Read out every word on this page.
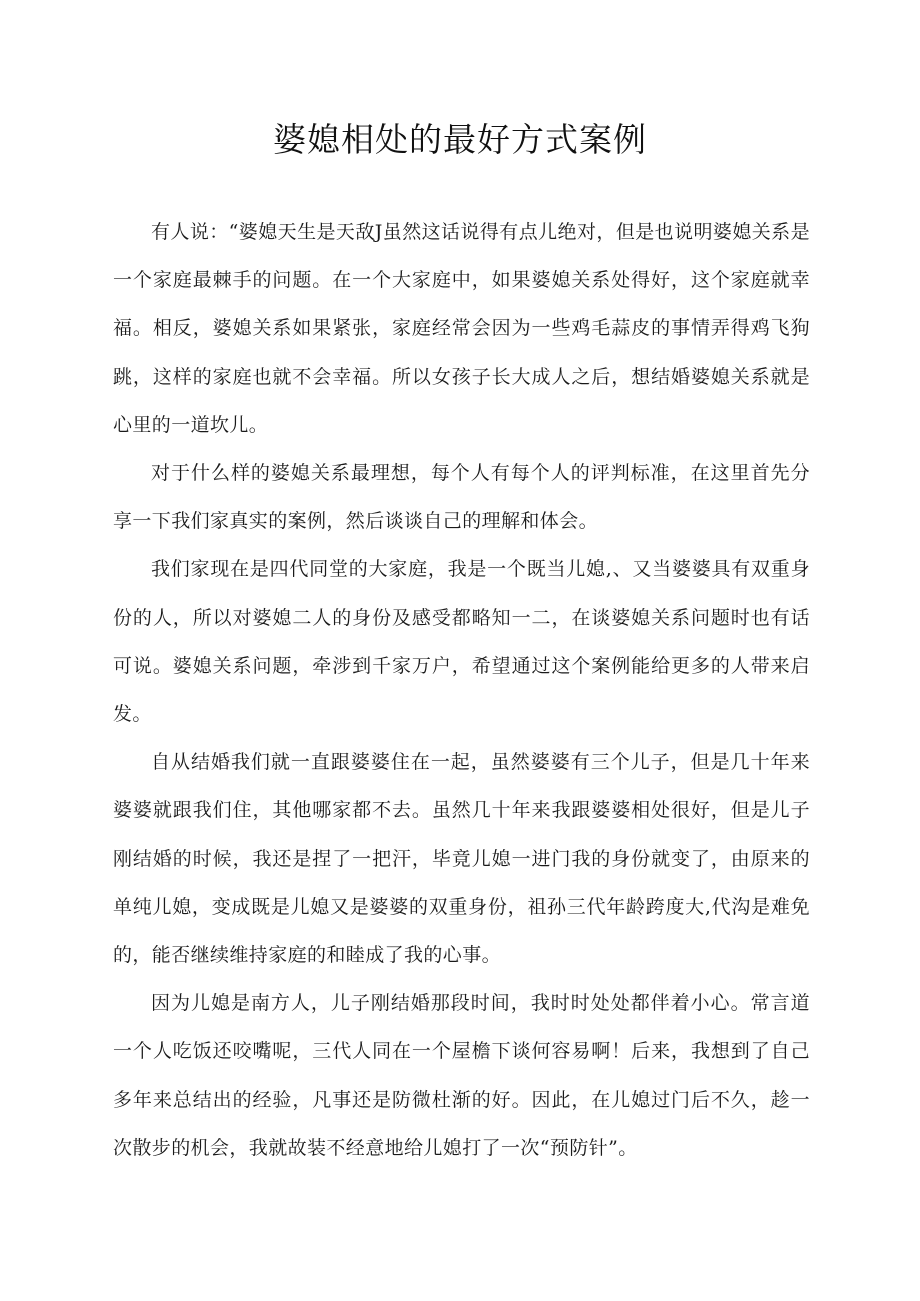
婆媳相处的最好方式案例

有人说：“婆媳天生是天敌J虽然这话说得有点儿绝对，但是也说明婆媳关系是一个家庭最棘手的问题。在一个大家庭中，如果婆媳关系处得好，这个家庭就幸福。相反，婆媳关系如果紧张，家庭经常会因为一些鸡毛蒜皮的事情弄得鸡飞狗跳，这样的家庭也就不会幸福。所以女孩子长大成人之后，想结婚婆媳关系就是心里的一道坎儿。

对于什么样的婆媳关系最理想，每个人有每个人的评判标准，在这里首先分享一下我们家真实的案例，然后谈谈自己的理解和体会。

我们家现在是四代同堂的大家庭，我是一个既当儿媳,、又当婆婆具有双重身份的人，所以对婆媳二人的身份及感受都略知一二，在谈婆媳关系问题时也有话可说。婆媳关系问题，牵涉到千家万户，希望通过这个案例能给更多的人带来启发。

自从结婚我们就一直跟婆婆住在一起，虽然婆婆有三个儿子，但是几十年来婆婆就跟我们住，其他哪家都不去。虽然几十年来我跟婆婆相处很好，但是儿子刚结婚的时候，我还是捏了一把汗，毕竟儿媳一进门我的身份就变了，由原来的单纯儿媳，变成既是儿媳又是婆婆的双重身份，祖孙三代年龄跨度大,代沟是难免的，能否继续维持家庭的和睦成了我的心事。

因为儿媳是南方人，儿子刚结婚那段时间，我时时处处都伴着小心。常言道一个人吃饭还咬嘴呢，三代人同在一个屋檐下谈何容易啊！后来，我想到了自己多年来总结出的经验，凡事还是防微杜渐的好。因此，在儿媳过门后不久，趁一次散步的机会，我就故装不经意地给儿媳打了一次“预防针”。
